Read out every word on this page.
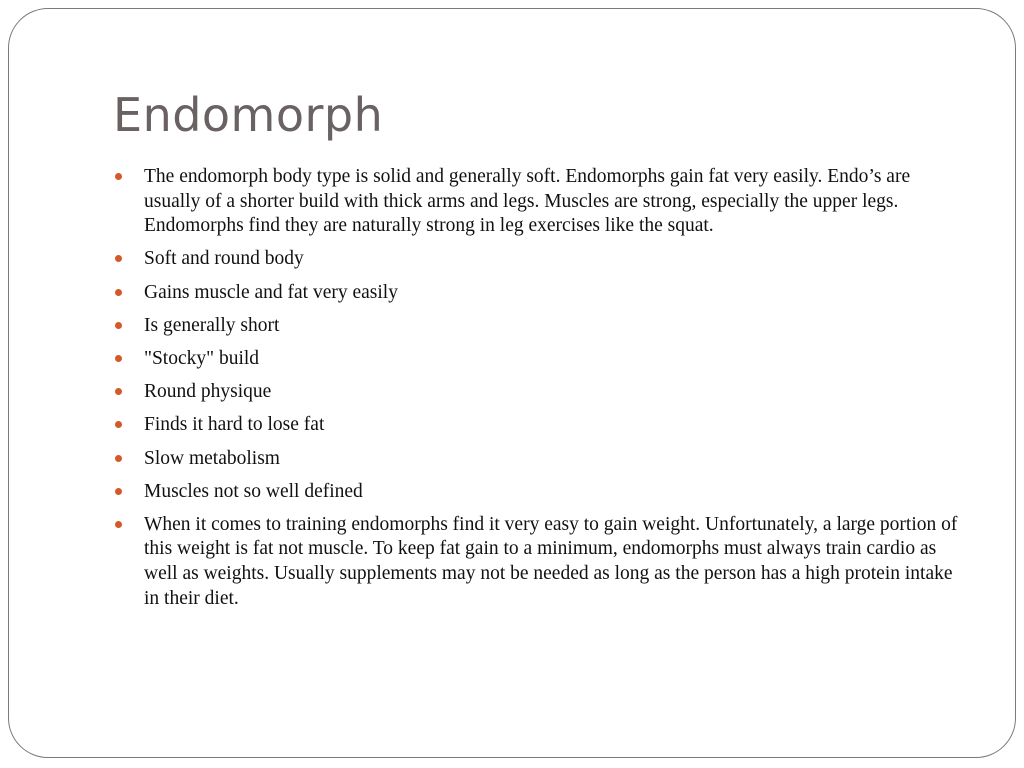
Endomorph
The endomorph body type is solid and generally soft. Endomorphs gain fat very easily. Endo’s are usually of a shorter build with thick arms and legs. Muscles are strong, especially the upper legs. Endomorphs find they are naturally strong in leg exercises like the squat.
Soft and round body
Gains muscle and fat very easily
Is generally short
"Stocky" build
Round physique
Finds it hard to lose fat
Slow metabolism
Muscles not so well defined
When it comes to training endomorphs find it very easy to gain weight. Unfortunately, a large portion of this weight is fat not muscle. To keep fat gain to a minimum, endomorphs must always train cardio as well as weights. Usually supplements may not be needed as long as the person has a high protein intake in their diet.
